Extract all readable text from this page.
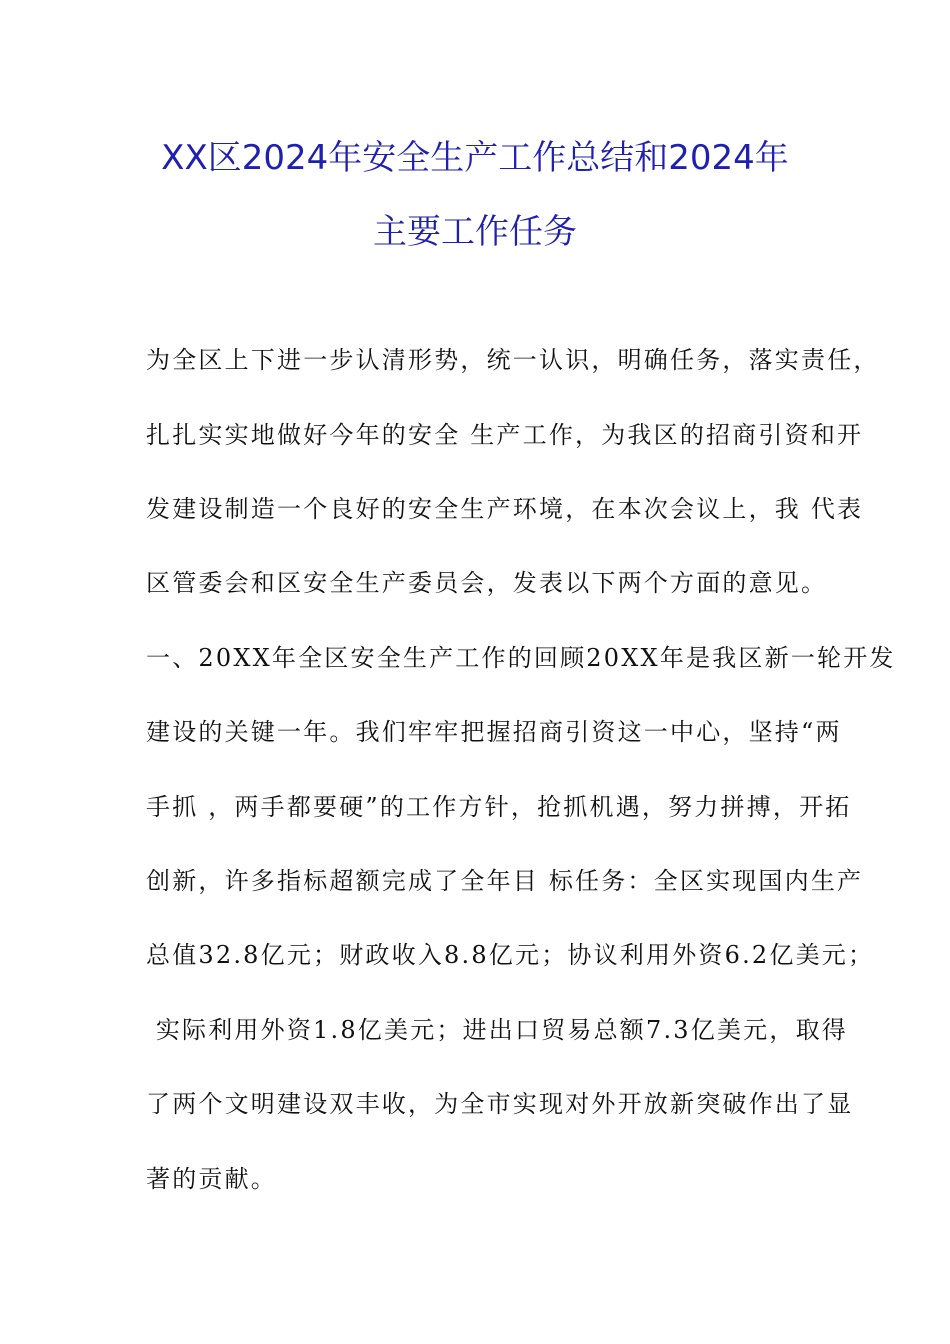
XX区2024年安全生产工作总结和2024年
主要工作任务
为全区上下进一步认清形势，统一认识，明确任务，落实责任，
扎扎实实地做好今年的安全 生产工作，为我区的招商引资和开
发建设制造一个良好的安全生产环境，在本次会议上，我 代表
区管委会和区安全生产委员会，发表以下两个方面的意见。
一、20XX年全区安全生产工作的回顾20XX年是我区新一轮开发
建设的关键一年。我们牢牢把握招商引资这一中心，坚持“两
手抓 ，两手都要硬”的工作方针，抢抓机遇，努力拼搏，开拓
创新，许多指标超额完成了全年目 标任务：全区实现国内生产
总值32.8亿元；财政收入8.8亿元；协议利用外资6.2亿美元；
实际利用外资1.8亿美元；进出口贸易总额7.3亿美元，取得
了两个文明建设双丰收，为全市实现对外开放新突破作出了显
著的贡献。
